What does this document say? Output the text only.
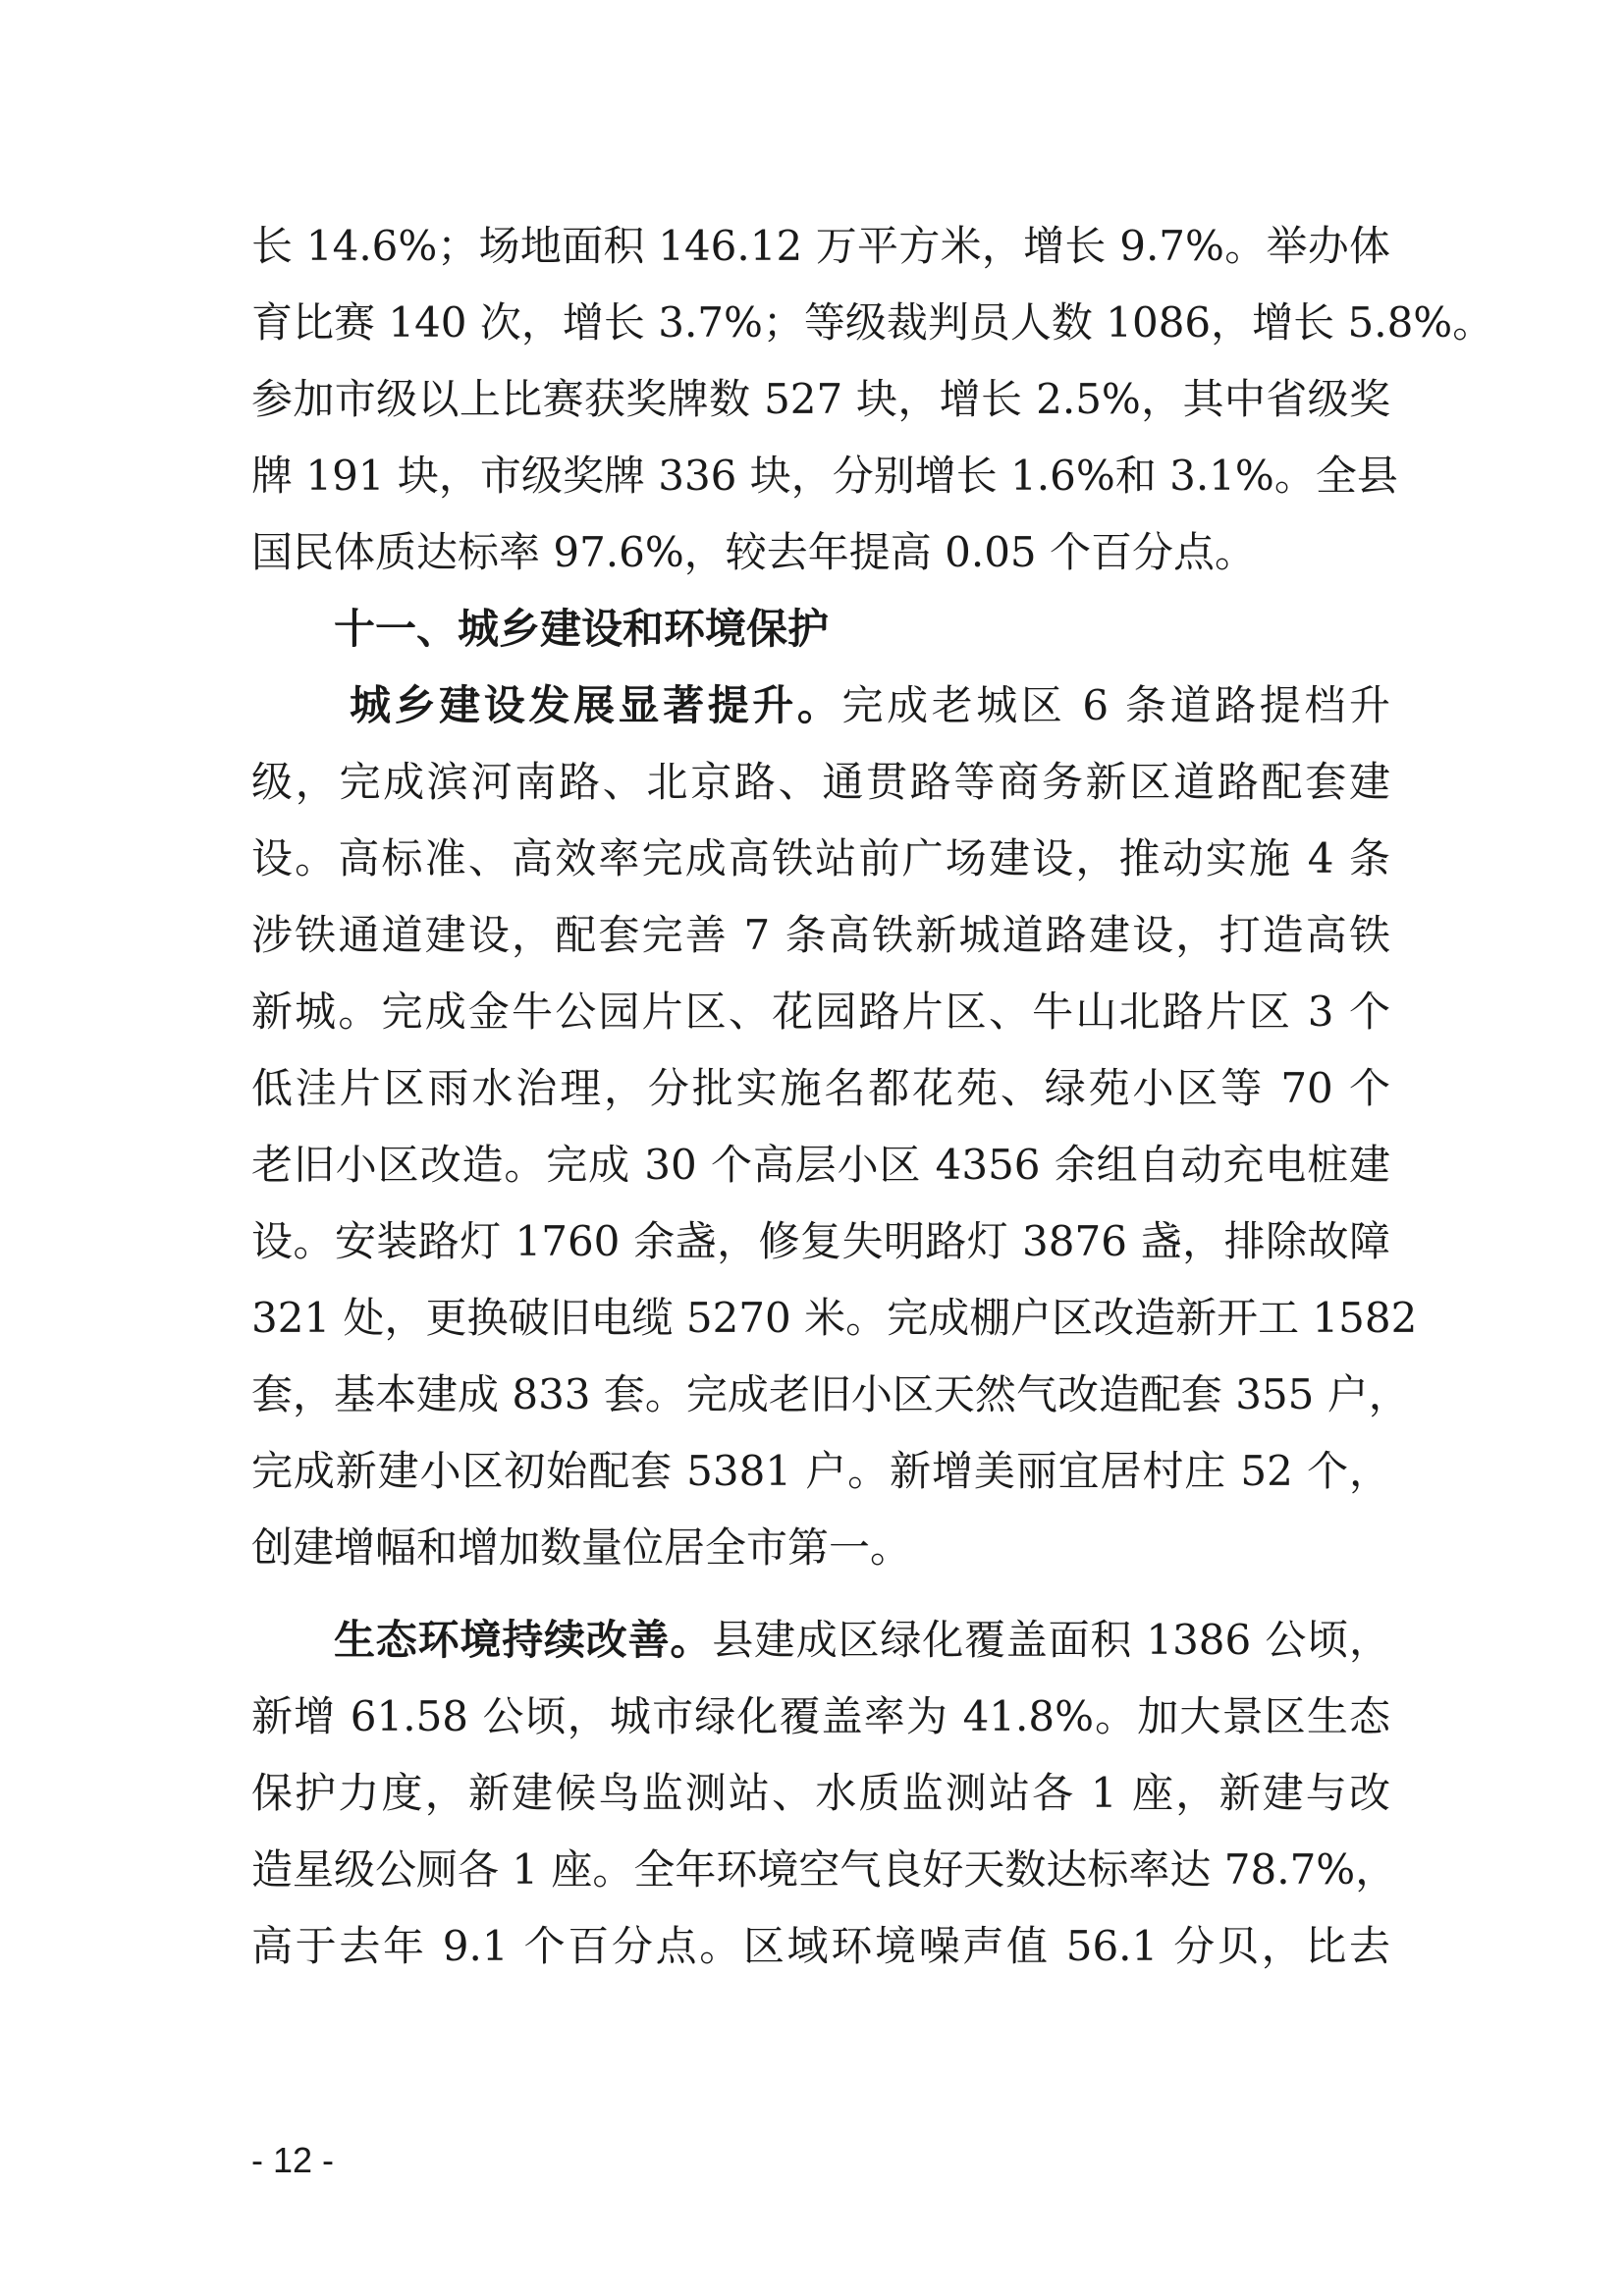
长 14.6%；场地面积 146.12 万平方米，增长 9.7%。举办体
育比赛 140 次，增长 3.7%；等级裁判员人数 1086，增长 5.8%。
参加市级以上比赛获奖牌数 527 块，增长 2.5%，其中省级奖
牌 191 块，市级奖牌 336 块，分别增长 1.6%和 3.1%。全县
国民体质达标率 97.6%，较去年提高 0.05 个百分点。
十一、城乡建设和环境保护
城乡建设发展显著提升。完成老城区 6 条道路提档升
级，完成滨河南路、北京路、通贯路等商务新区道路配套建
设。高标准、高效率完成高铁站前广场建设，推动实施 4 条
涉铁通道建设，配套完善 7 条高铁新城道路建设，打造高铁
新城。完成金牛公园片区、花园路片区、牛山北路片区 3 个
低洼片区雨水治理，分批实施名都花苑、绿苑小区等 70 个
老旧小区改造。完成 30 个高层小区 4356 余组自动充电桩建
设。安装路灯 1760 余盏，修复失明路灯 3876 盏，排除故障
321 处，更换破旧电缆 5270 米。完成棚户区改造新开工 1582
套，基本建成 833 套。完成老旧小区天然气改造配套 355 户，
完成新建小区初始配套 5381 户。新增美丽宜居村庄 52 个，
创建增幅和增加数量位居全市第一。
生态环境持续改善。县建成区绿化覆盖面积 1386 公顷，
新增 61.58 公顷，城市绿化覆盖率为 41.8%。加大景区生态
保护力度，新建候鸟监测站、水质监测站各 1 座，新建与改
造星级公厕各 1 座。全年环境空气良好天数达标率达 78.7%，
高于去年 9.1 个百分点。区域环境噪声值 56.1 分贝，比去
- 12 -
